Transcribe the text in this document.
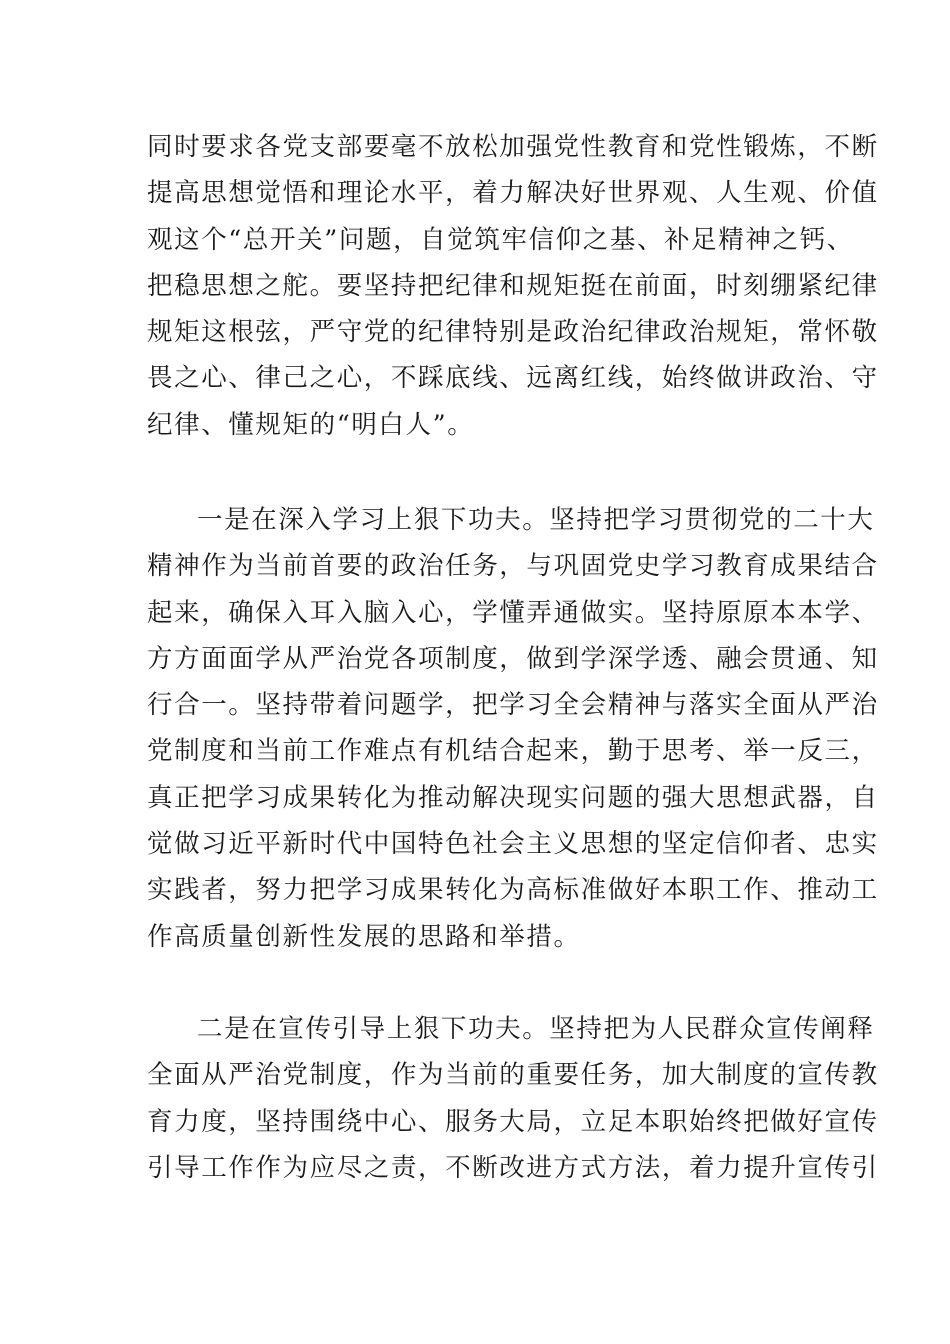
同时要求各党支部要毫不放松加强党性教育和党性锻炼，不断
提高思想觉悟和理论水平，着力解决好世界观、人生观、价值
观这个“总开关”问题，自觉筑牢信仰之基、补足精神之钙、
把稳思想之舵。要坚持把纪律和规矩挺在前面，时刻绷紧纪律
规矩这根弦，严守党的纪律特别是政治纪律政治规矩，常怀敬
畏之心、律己之心，不踩底线、远离红线，始终做讲政治、守
纪律、懂规矩的“明白人”。
一是在深入学习上狠下功夫。坚持把学习贯彻党的二十大
精神作为当前首要的政治任务，与巩固党史学习教育成果结合
起来，确保入耳入脑入心，学懂弄通做实。坚持原原本本学、
方方面面学从严治党各项制度，做到学深学透、融会贯通、知
行合一。坚持带着问题学，把学习全会精神与落实全面从严治
党制度和当前工作难点有机结合起来，勤于思考、举一反三，
真正把学习成果转化为推动解决现实问题的强大思想武器，自
觉做习近平新时代中国特色社会主义思想的坚定信仰者、忠实
实践者，努力把学习成果转化为高标准做好本职工作、推动工
作高质量创新性发展的思路和举措。
二是在宣传引导上狠下功夫。坚持把为人民群众宣传阐释
全面从严治党制度，作为当前的重要任务，加大制度的宣传教
育力度，坚持围绕中心、服务大局，立足本职始终把做好宣传
引导工作作为应尽之责，不断改进方式方法，着力提升宣传引
